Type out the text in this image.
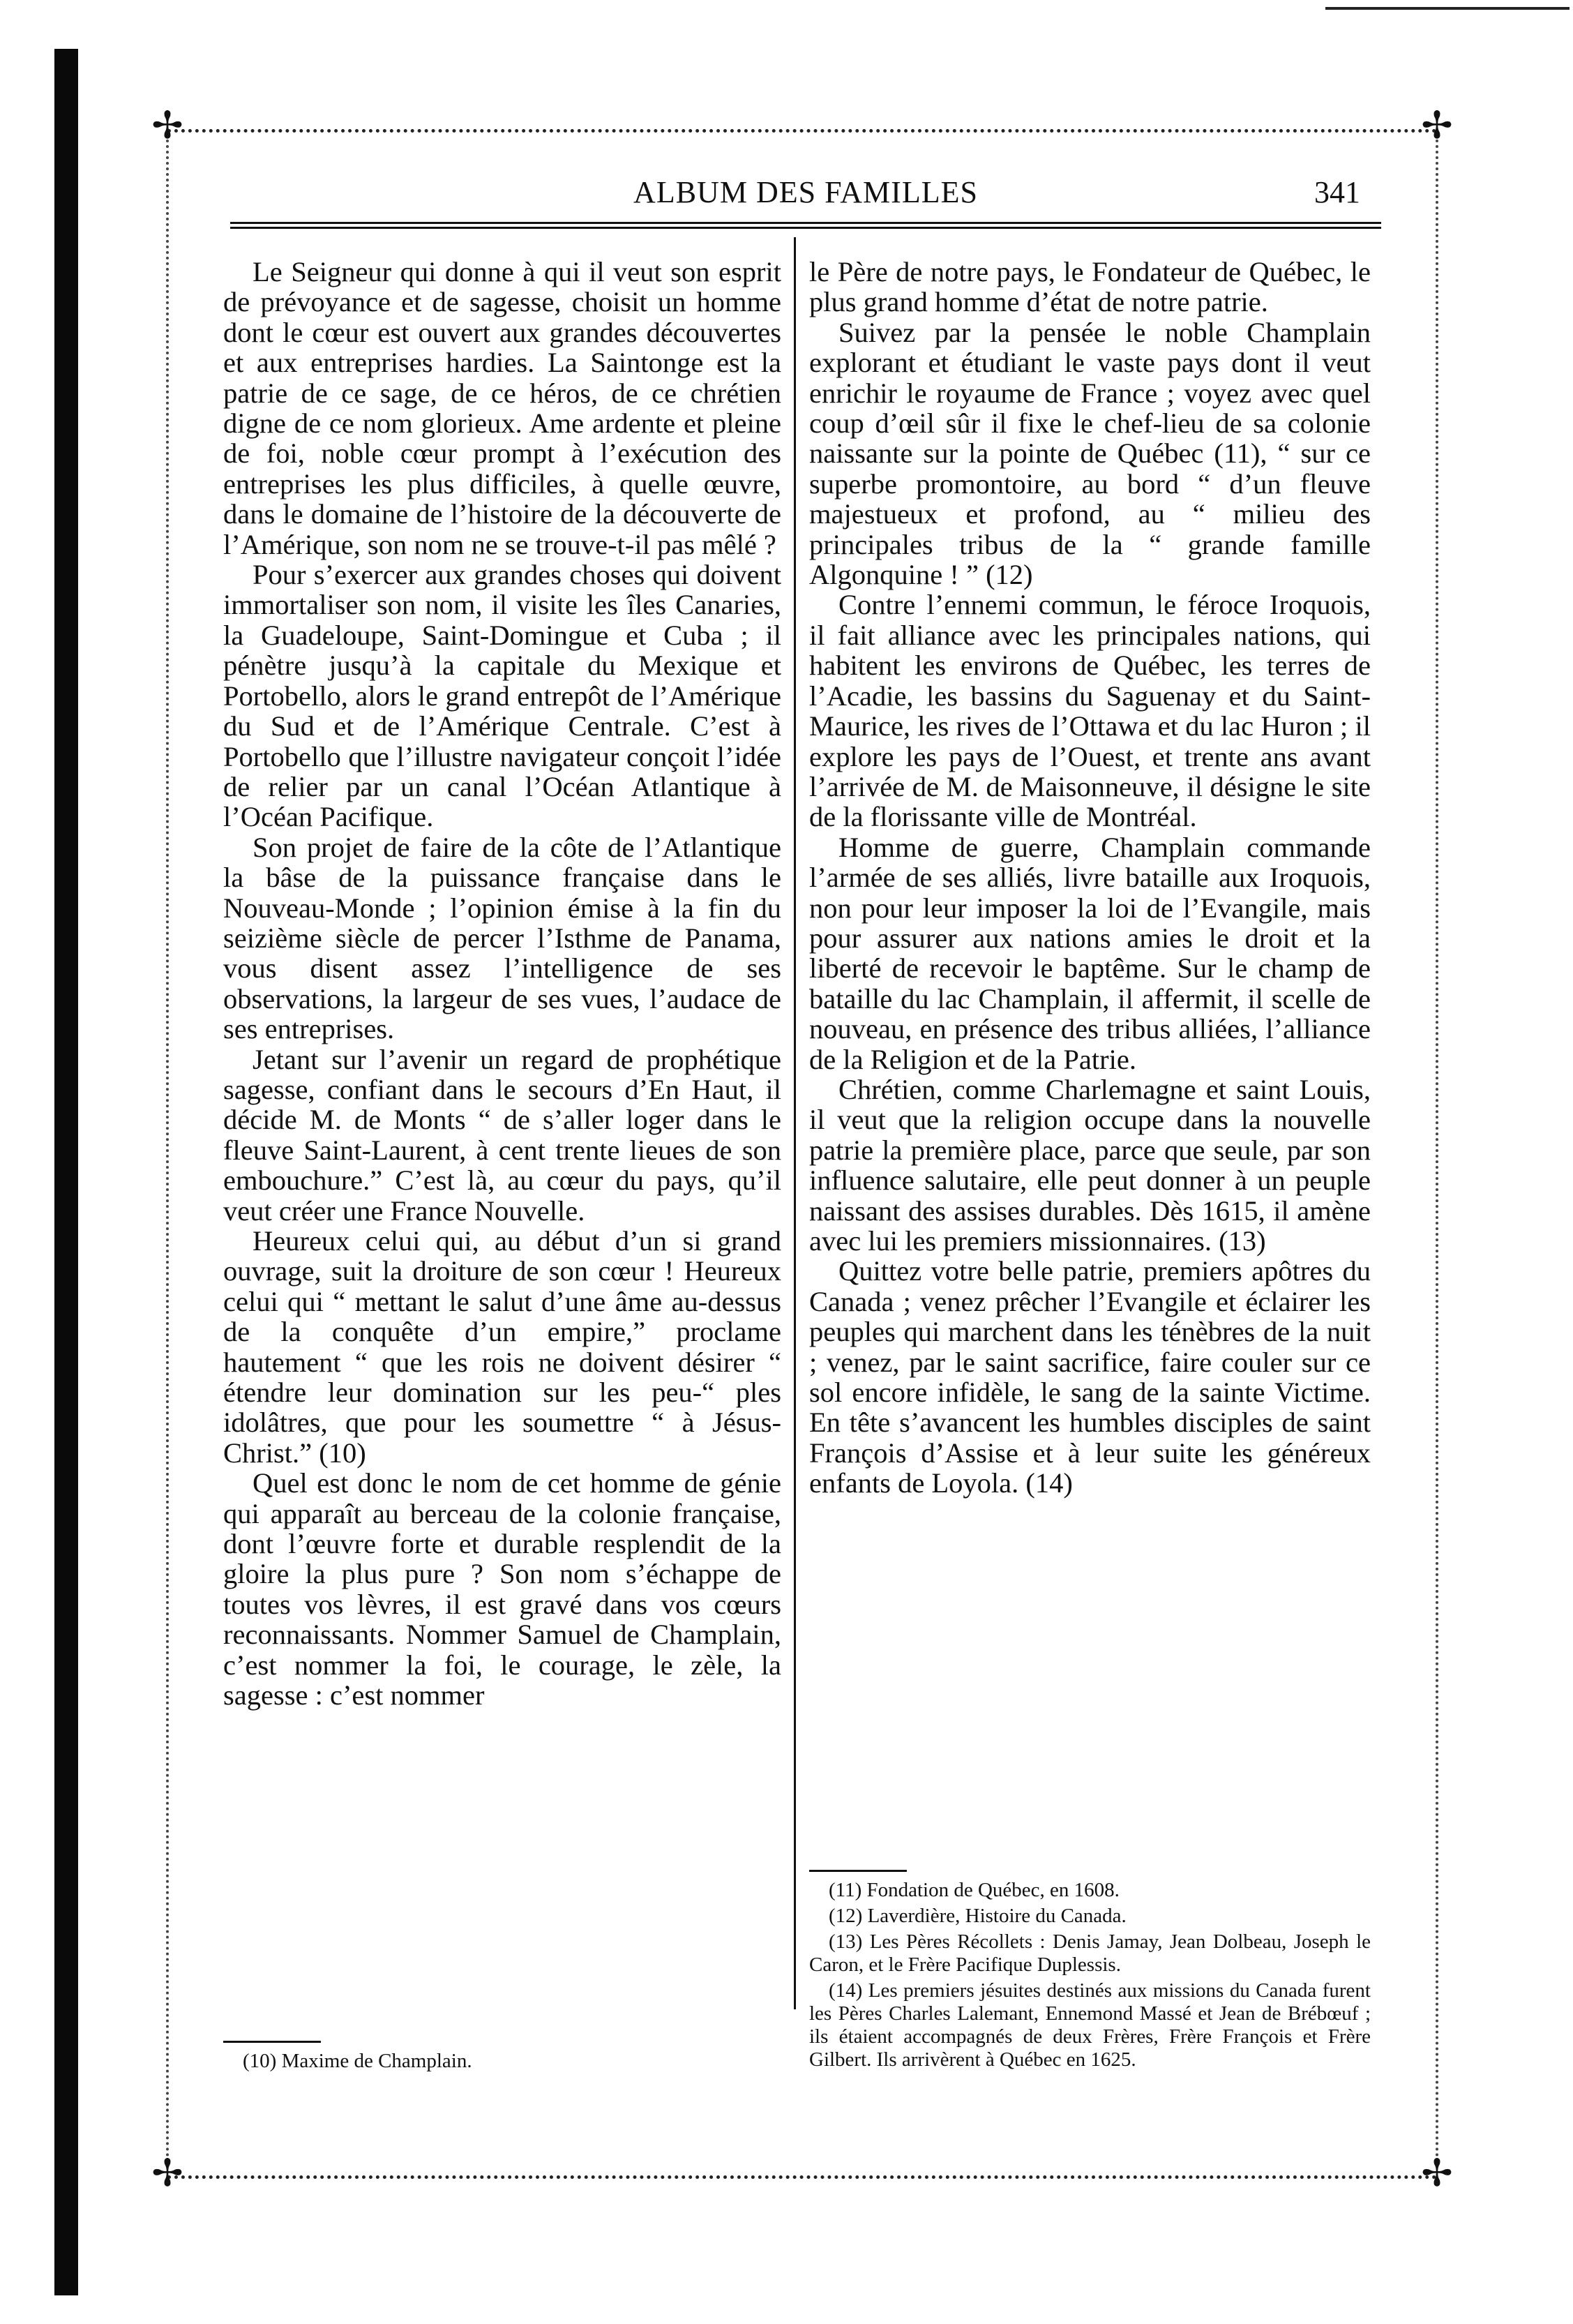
✢	✢
✢	✢
ALBUM DES FAMILLES	341

Le Seigneur qui donne à qui il veut son esprit de prévoyance et de sagesse, choisit un homme dont le cœur est ouvert aux grandes découvertes et aux entreprises hardies. La Saintonge est la patrie de ce sage, de ce héros, de ce chrétien digne de ce nom glorieux. Ame ardente et pleine de foi, noble cœur prompt à l’exécution des entreprises les plus difficiles, à quelle œuvre, dans le domaine de l’histoire de la découverte de l’Amérique, son nom ne se trouve-t-il pas mêlé ?

Pour s’exercer aux grandes choses qui doivent immortaliser son nom, il visite les îles Canaries, la Guadeloupe, Saint-Domingue et Cuba ; il pénètre jusqu’à la capitale du Mexique et Portobello, alors le grand entrepôt de l’Amérique du Sud et de l’Amérique Centrale. C’est à Portobello que l’illustre navigateur conçoit l’idée de relier par un canal l’Océan Atlantique à l’Océan Pacifique.

Son projet de faire de la côte de l’Atlantique la bâse de la puissance française dans le Nouveau-Monde ; l’opinion émise à la fin du seizième siècle de percer l’Isthme de Panama, vous disent assez l’intelligence de ses observations, la largeur de ses vues, l’audace de ses entreprises.

Jetant sur l’avenir un regard de prophétique sagesse, confiant dans le secours d’En Haut, il décide M. de Monts “ de s’aller loger dans le fleuve Saint-Laurent, à cent trente lieues de son embouchure.” C’est là, au cœur du pays, qu’il veut créer une France Nouvelle.

Heureux celui qui, au début d’un si grand ouvrage, suit la droiture de son cœur ! Heureux celui qui “ mettant le salut d’une âme au-dessus de la conquête d’un empire,” proclame hautement “ que les rois ne doivent désirer “ étendre leur domination sur les peu-“ ples idolâtres, que pour les soumettre “ à Jésus-Christ.” (10)

Quel est donc le nom de cet homme de génie qui apparaît au berceau de la colonie française, dont l’œuvre forte et durable resplendit de la gloire la plus pure ? Son nom s’échappe de toutes vos lèvres, il est gravé dans vos cœurs reconnaissants. Nommer Samuel de Champlain, c’est nommer la foi, le courage, le zèle, la sagesse : c’est nommer

le Père de notre pays, le Fondateur de Québec, le plus grand homme d’état de notre patrie.

Suivez par la pensée le noble Champlain explorant et étudiant le vaste pays dont il veut enrichir le royaume de France ; voyez avec quel coup d’œil sûr il fixe le chef-lieu de sa colonie naissante sur la pointe de Québec (11), “ sur ce superbe promontoire, au bord “ d’un fleuve majestueux et profond, au “ milieu des principales tribus de la “ grande famille Algonquine ! ” (12)

Contre l’ennemi commun, le féroce Iroquois, il fait alliance avec les principales nations, qui habitent les environs de Québec, les terres de l’Acadie, les bassins du Saguenay et du Saint-Maurice, les rives de l’Ottawa et du lac Huron ; il explore les pays de l’Ouest, et trente ans avant l’arrivée de M. de Maisonneuve, il désigne le site de la florissante ville de Montréal.

Homme de guerre, Champlain commande l’armée de ses alliés, livre bataille aux Iroquois, non pour leur imposer la loi de l’Evangile, mais pour assurer aux nations amies le droit et la liberté de recevoir le baptême. Sur le champ de bataille du lac Champlain, il affermit, il scelle de nouveau, en présence des tribus alliées, l’alliance de la Religion et de la Patrie.

Chrétien, comme Charlemagne et saint Louis, il veut que la religion occupe dans la nouvelle patrie la première place, parce que seule, par son influence salutaire, elle peut donner à un peuple naissant des assises durables. Dès 1615, il amène avec lui les premiers missionnaires. (13)

Quittez votre belle patrie, premiers apôtres du Canada ; venez prêcher l’Evangile et éclairer les peuples qui marchent dans les ténèbres de la nuit ; venez, par le saint sacrifice, faire couler sur ce sol encore infidèle, le sang de la sainte Victime. En tête s’avancent les humbles disciples de saint François d’Assise et à leur suite les généreux enfants de Loyola. (14)

(10) Maxime de Champlain.

(11) Fondation de Québec, en 1608.

(12) Laverdière, Histoire du Canada.

(13) Les Pères Récollets : Denis Jamay, Jean Dolbeau, Joseph le Caron, et le Frère Pacifique Duplessis.

(14) Les premiers jésuites destinés aux missions du Canada furent les Pères Charles Lalemant, Ennemond Massé et Jean de Brébœuf ; ils étaient accompagnés de deux Frères, Frère François et Frère Gilbert. Ils arrivèrent à Québec en 1625.
